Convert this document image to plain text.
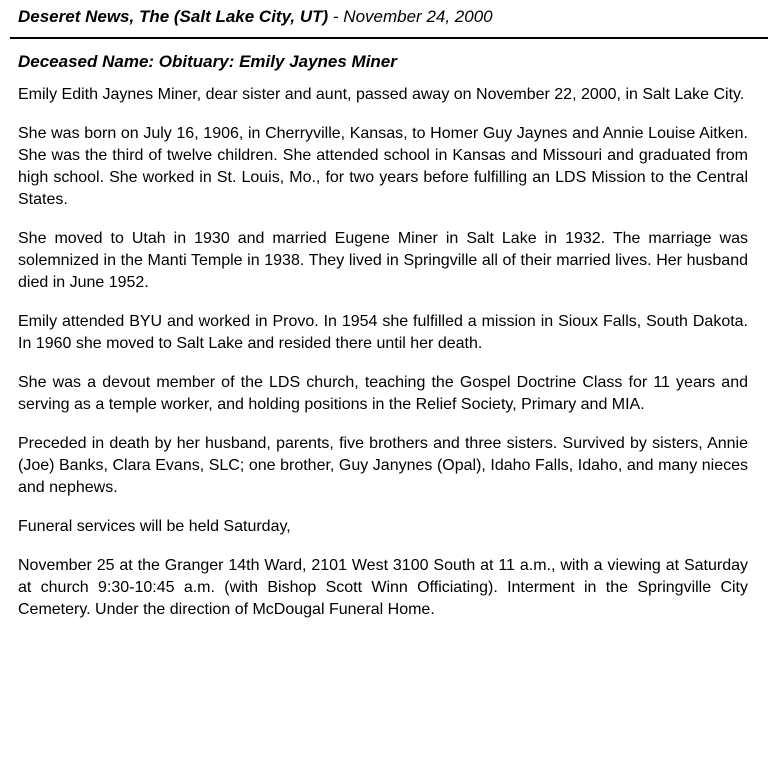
Deseret News, The (Salt Lake City, UT) - November 24, 2000
Deceased Name: Obituary: Emily Jaynes Miner

Emily Edith Jaynes Miner, dear sister and aunt, passed away on November 22, 2000, in Salt Lake City.

She was born on July 16, 1906, in Cherryville, Kansas, to Homer Guy Jaynes and Annie Louise Aitken. She was the third of twelve children. She attended school in Kansas and Missouri and graduated from high school. She worked in St. Louis, Mo., for two years before fulfilling an LDS Mission to the Central States.

She moved to Utah in 1930 and married Eugene Miner in Salt Lake in 1932. The marriage was solemnized in the Manti Temple in 1938. They lived in Springville all of their married lives. Her husband died in June 1952.

Emily attended BYU and worked in Provo. In 1954 she fulfilled a mission in Sioux Falls, South Dakota. In 1960 she moved to Salt Lake and resided there until her death.

She was a devout member of the LDS church, teaching the Gospel Doctrine Class for 11 years and serving as a temple worker, and holding positions in the Relief Society, Primary and MIA.

Preceded in death by her husband, parents, five brothers and three sisters. Survived by sisters, Annie (Joe) Banks, Clara Evans, SLC; one brother, Guy Janynes (Opal), Idaho Falls, Idaho, and many nieces and nephews.

Funeral services will be held Saturday,

November 25 at the Granger 14th Ward, 2101 West 3100 South at 11 a.m., with a viewing at Saturday at church 9:30-10:45 a.m. (with Bishop Scott Winn Officiating). Interment in the Springville City Cemetery. Under the direction of McDougal Funeral Home.
